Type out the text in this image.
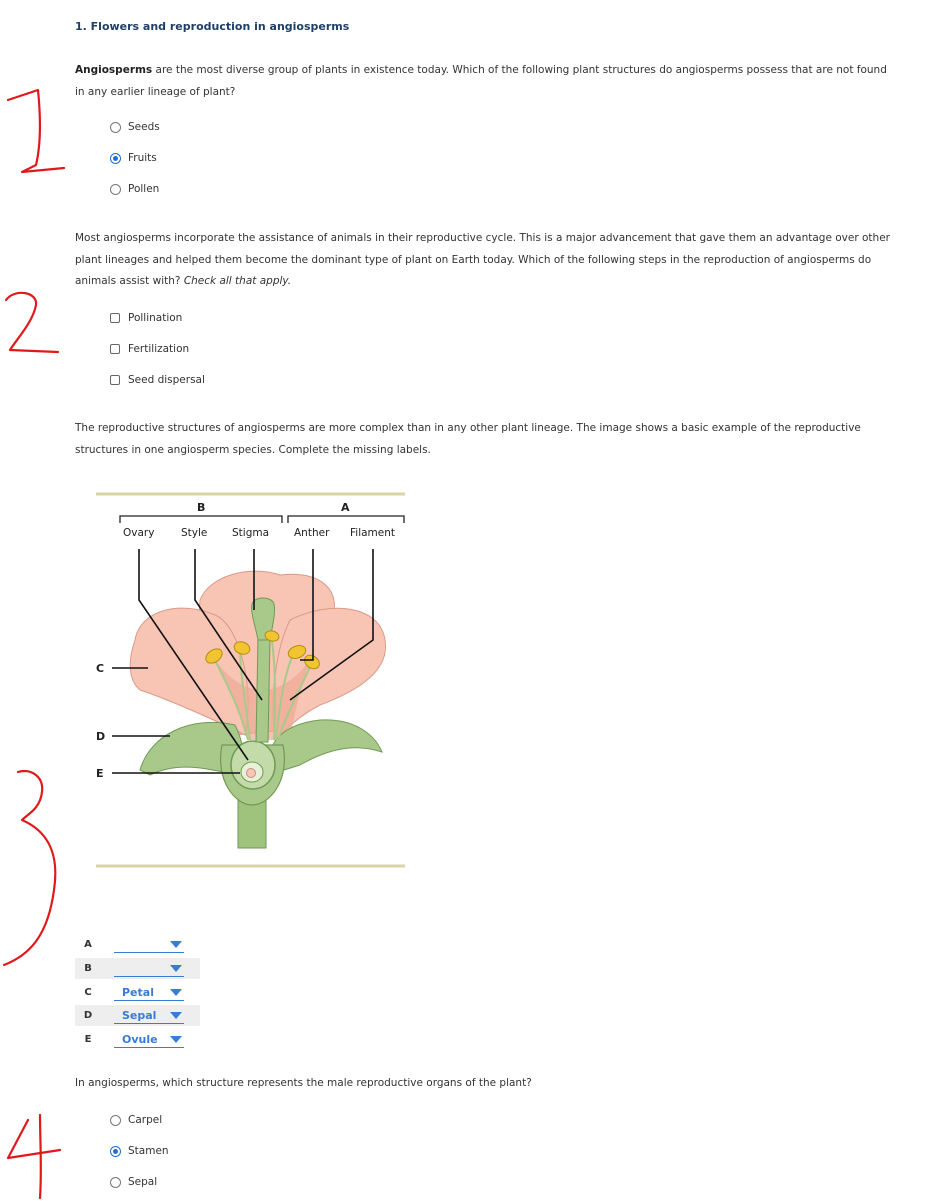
1. Flowers and reproduction in angiosperms
Angiosperms are the most diverse group of plants in existence today. Which of the following plant structures do angiosperms possess that are not found in any earlier lineage of plant?
Seeds
Fruits
Pollen
Most angiosperms incorporate the assistance of animals in their reproductive cycle. This is a major advancement that gave them an advantage over other plant lineages and helped them become the dominant type of plant on Earth today. Which of the following steps in the reproduction of angiosperms do animals assist with? Check all that apply.
Pollination
Fertilization
Seed dispersal
The reproductive structures of angiosperms are more complex than in any other plant lineage. The image shows a basic example of the reproductive structures in one angiosperm species. Complete the missing labels.
B	A
Ovary	Style Stigma Anther Filament
C
D
E
A
B
C	Petal
D	Sepal
E	Ovule
In angiosperms, which structure represents the male reproductive organs of the plant?
Carpel
Stamen
Sepal
